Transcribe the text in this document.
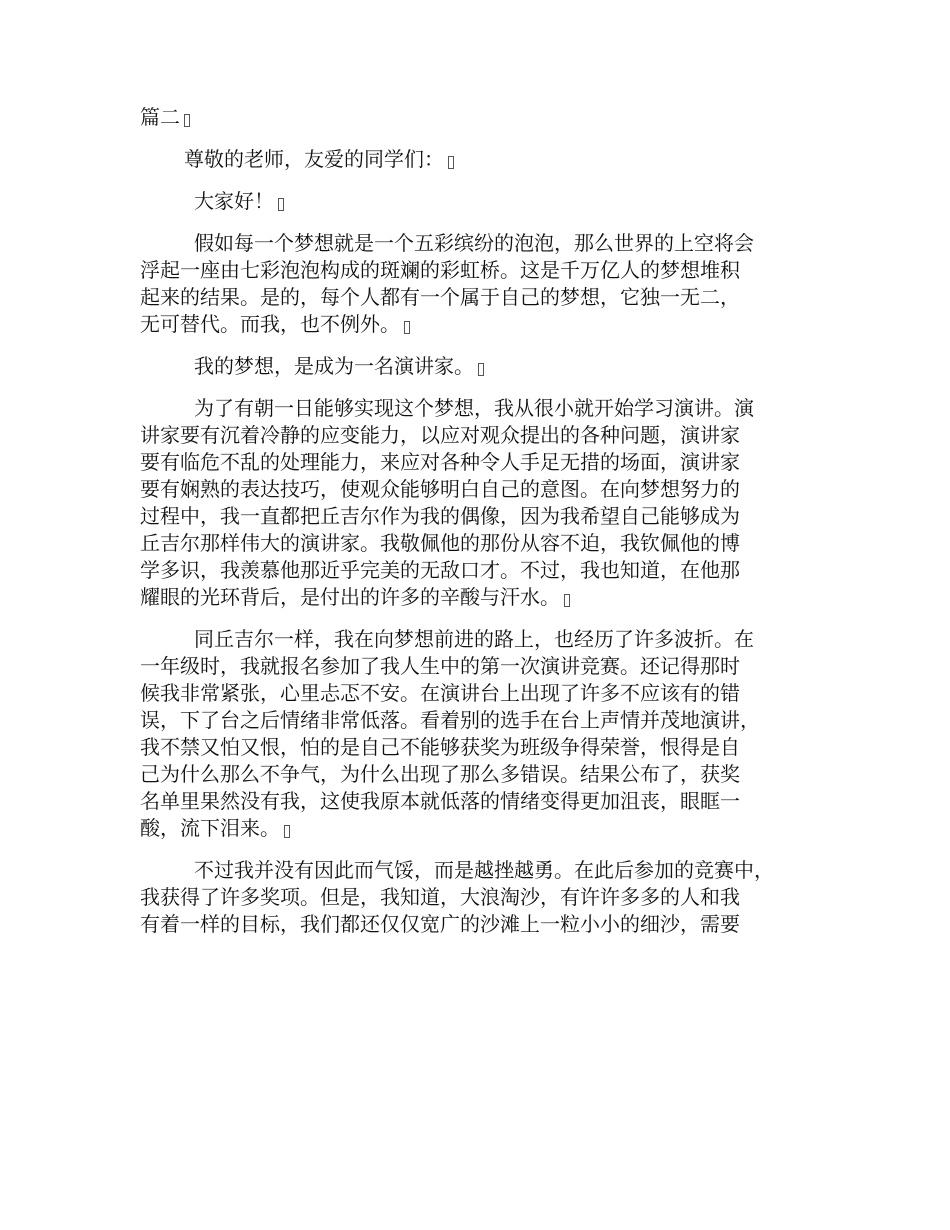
篇二
尊敬的老师，友爱的同学们：
大家好！
假如每一个梦想就是一个五彩缤纷的泡泡，那么世界的上空将会
浮起一座由七彩泡泡构成的斑斓的彩虹桥。这是千万亿人的梦想堆积
起来的结果。是的，每个人都有一个属于自己的梦想，它独一无二，
无可替代。而我，也不例外。
我的梦想，是成为一名演讲家。
为了有朝一日能够实现这个梦想，我从很小就开始学习演讲。演
讲家要有沉着冷静的应变能力，以应对观众提出的各种问题，演讲家
要有临危不乱的处理能力，来应对各种令人手足无措的场面，演讲家
要有娴熟的表达技巧，使观众能够明白自己的意图。在向梦想努力的
过程中，我一直都把丘吉尔作为我的偶像，因为我希望自己能够成为
丘吉尔那样伟大的演讲家。我敬佩他的那份从容不迫，我钦佩他的博
学多识，我羡慕他那近乎完美的无敌口才。不过，我也知道，在他那
耀眼的光环背后，是付出的许多的辛酸与汗水。
同丘吉尔一样，我在向梦想前进的路上，也经历了许多波折。在
一年级时，我就报名参加了我人生中的第一次演讲竞赛。还记得那时
候我非常紧张，心里忐忑不安。在演讲台上出现了许多不应该有的错
误，下了台之后情绪非常低落。看着别的选手在台上声情并茂地演讲，
我不禁又怕又恨，怕的是自己不能够获奖为班级争得荣誉，恨得是自
己为什么那么不争气，为什么出现了那么多错误。结果公布了，获奖
名单里果然没有我，这使我原本就低落的情绪变得更加沮丧，眼眶一
酸，流下泪来。
不过我并没有因此而气馁，而是越挫越勇。在此后参加的竞赛中，
我获得了许多奖项。但是，我知道，大浪淘沙，有许许多多的人和我
有着一样的目标，我们都还仅仅宽广的沙滩上一粒小小的细沙，需要
